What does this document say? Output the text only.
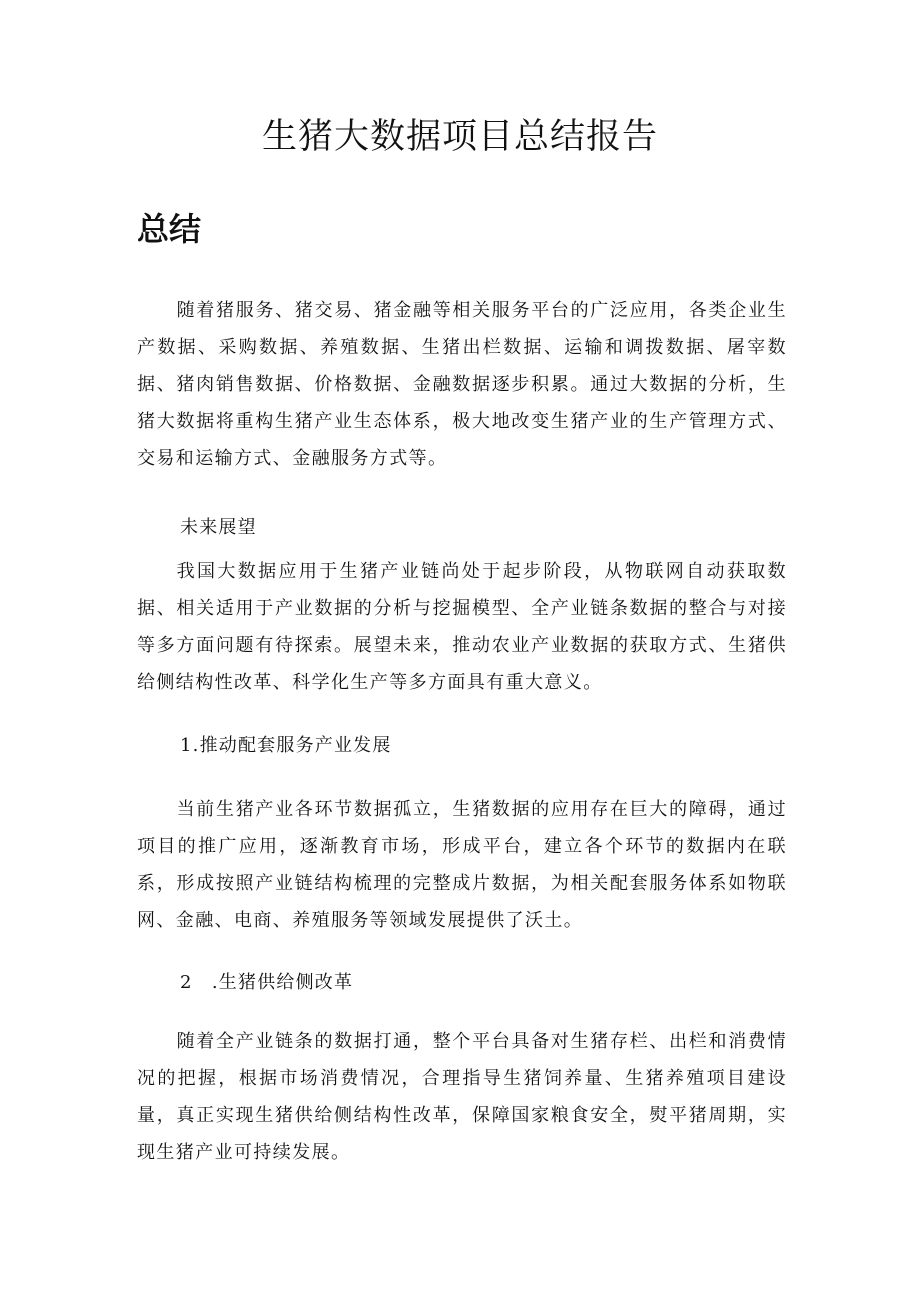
生猪大数据项目总结报告
总结

随着猪服务、猪交易、猪金融等相关服务平台的广泛应用，各类企业生产数据、采购数据、养殖数据、生猪出栏数据、运输和调拨数据、屠宰数据、猪肉销售数据、价格数据、金融数据逐步积累。通过大数据的分析，生猪大数据将重构生猪产业生态体系，极大地改变生猪产业的生产管理方式、交易和运输方式、金融服务方式等。

未来展望

我国大数据应用于生猪产业链尚处于起步阶段，从物联网自动获取数据、相关适用于产业数据的分析与挖掘模型、全产业链条数据的整合与对接等多方面问题有待探索。展望未来，推动农业产业数据的获取方式、生猪供给侧结构性改革、科学化生产等多方面具有重大意义。

1.推动配套服务产业发展

当前生猪产业各环节数据孤立，生猪数据的应用存在巨大的障碍，通过项目的推广应用，逐渐教育市场，形成平台，建立各个环节的数据内在联系，形成按照产业链结构梳理的完整成片数据，为相关配套服务体系如物联网、金融、电商、养殖服务等领域发展提供了沃土。

2 .生猪供给侧改革

随着全产业链条的数据打通，整个平台具备对生猪存栏、出栏和消费情况的把握，根据市场消费情况，合理指导生猪饲养量、生猪养殖项目建设量，真正实现生猪供给侧结构性改革，保障国家粮食安全，熨平猪周期，实现生猪产业可持续发展。
